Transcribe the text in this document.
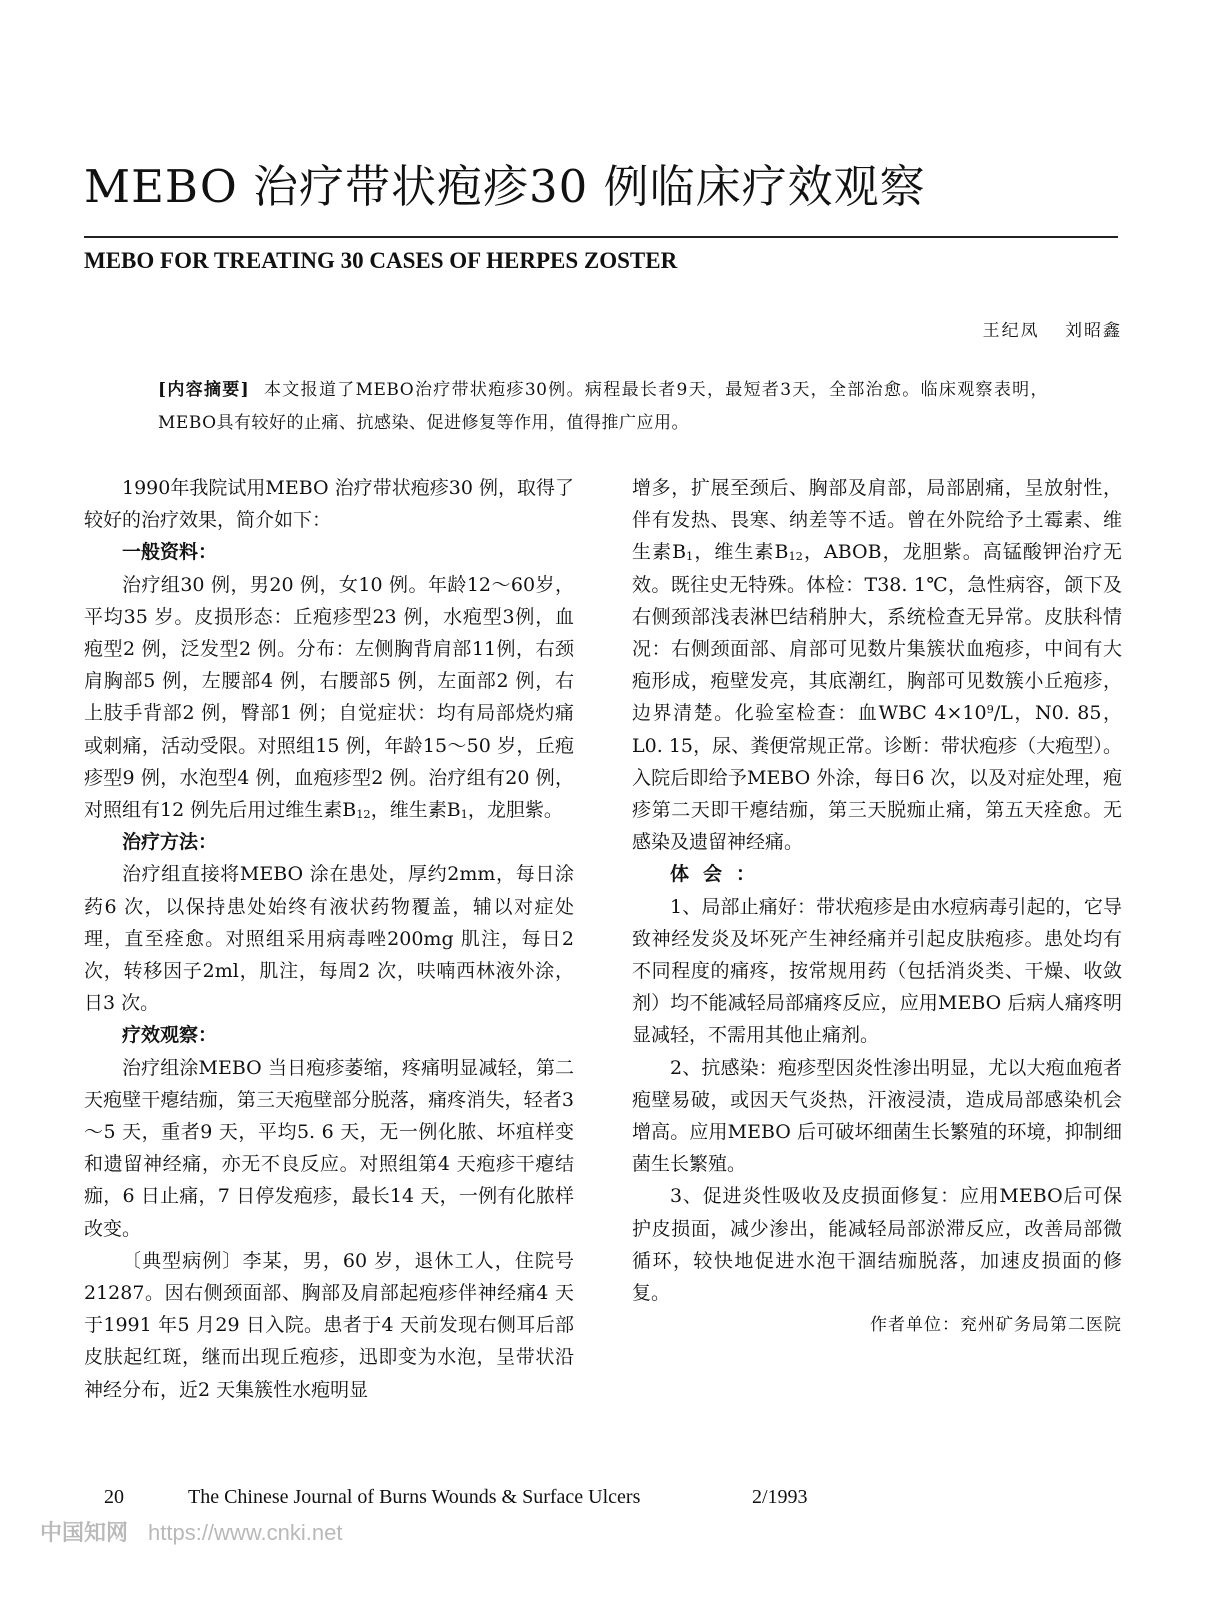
MEBO 治疗带状疱疹30 例临床疗效观察
MEBO FOR TREATING 30 CASES OF HERPES ZOSTER
王纪凤 刘昭鑫
[内容摘要] 本文报道了MEBO治疗带状疱疹30例。病程最长者9天，最短者3天，全部治愈。临床观察表明，MEBO具有较好的止痛、抗感染、促进修复等作用，值得推广应用。

1990年我院试用MEBO 治疗带状疱疹30 例，取得了较好的治疗效果，简介如下：

一般资料：

治疗组30 例，男20 例，女10 例。年龄12～60岁，平均35 岁。皮损形态：丘疱疹型23 例，水疱型3例，血疱型2 例，泛发型2 例。分布：左侧胸背肩部11例，右颈肩胸部5 例，左腰部4 例，右腰部5 例，左面部2 例，右上肢手背部2 例，臀部1 例；自觉症状：均有局部烧灼痛或刺痛，活动受限。对照组15 例，年龄15～50 岁，丘疱疹型9 例，水泡型4 例，血疱疹型2 例。治疗组有20 例，对照组有12 例先后用过维生素$B_{12}$，维生素$B_1$，龙胆紫。

治疗方法：

治疗组直接将MEBO 涂在患处，厚约2mm，每日涂药6 次，以保持患处始终有液状药物覆盖，辅以对症处理，直至痊愈。对照组采用病毒唑200mg 肌注，每日2 次，转移因子2ml，肌注，每周2 次，呋喃西林液外涂，日3 次。

疗效观察：

治疗组涂MEBO 当日疱疹萎缩，疼痛明显减轻，第二天疱壁干瘪结痂，第三天疱壁部分脱落，痛疼消失，轻者3～5 天，重者9 天，平均5. 6 天，无一例化脓、坏疽样变和遗留神经痛，亦无不良反应。对照组第4 天疱疹干瘪结痂，6 日止痛，7 日停发疱疹，最长14 天，一例有化脓样改变。

〔典型病例〕李某，男，60 岁，退休工人，住院号21287。因右侧颈面部、胸部及肩部起疱疹伴神经痛4 天于1991 年5 月29 日入院。患者于4 天前发现右侧耳后部皮肤起红斑，继而出现丘疱疹，迅即变为水泡，呈带状沿神经分布，近2 天集簇性水疱明显

增多，扩展至颈后、胸部及肩部，局部剧痛，呈放射性，伴有发热、畏寒、纳差等不适。曾在外院给予土霉素、维生素$B_1$，维生素$B_{12}$，ABOB，龙胆紫。高锰酸钾治疗无效。既往史无特殊。体检：T38. 1℃，急性病容，颌下及右侧颈部浅表淋巴结稍肿大，系统检查无异常。皮肤科情况：右侧颈面部、肩部可见数片集簇状血疱疹，中间有大疱形成，疱壁发亮，其底潮红，胸部可见数簇小丘疱疹，边界清楚。化验室检查：血WBC $4\times 10^9/L$，N0. 85，L0. 15，尿、粪便常规正常。诊断：带状疱疹（大疱型）。入院后即给予MEBO 外涂，每日6 次，以及对症处理，疱疹第二天即干瘪结痂，第三天脱痂止痛，第五天痊愈。无感染及遗留神经痛。

体会：

1、局部止痛好：带状疱疹是由水痘病毒引起的，它导致神经发炎及坏死产生神经痛并引起皮肤疱疹。患处均有不同程度的痛疼，按常规用药（包括消炎类、干燥、收敛剂）均不能减轻局部痛疼反应，应用MEBO 后病人痛疼明显减轻，不需用其他止痛剂。

2、抗感染：疱疹型因炎性渗出明显，尤以大疱血疱者疱壁易破，或因天气炎热，汗液浸渍，造成局部感染机会增高。应用MEBO 后可破坏细菌生长繁殖的环境，抑制细菌生长繁殖。

3、促进炎性吸收及皮损面修复：应用MEBO后可保护皮损面，减少渗出，能减轻局部淤滞反应，改善局部微循环，较快地促进水泡干涸结痂脱落，加速皮损面的修复。

作者单位：兖州矿务局第二医院

20	The Chinese Journal of Burns Wounds & Surface Ulcers	2/1993
中国知网 https://www.cnki.net
